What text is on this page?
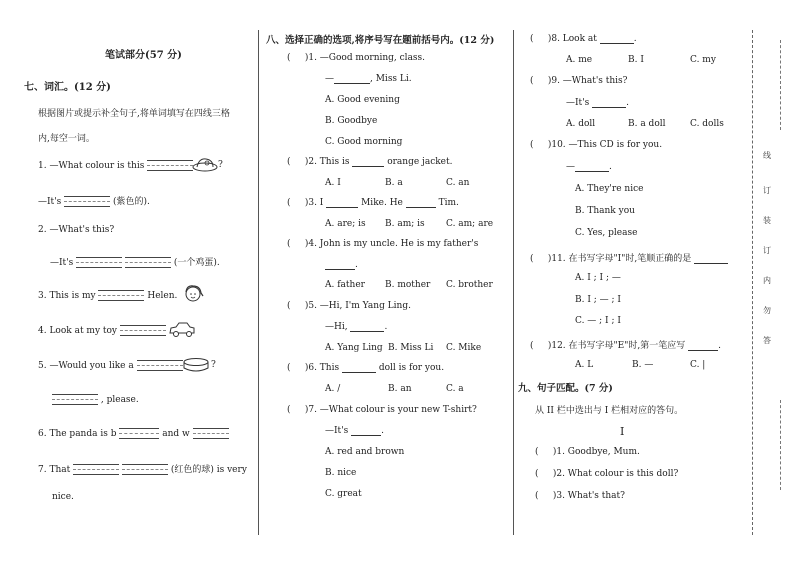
笔试部分(57 分)
七、词汇。(12 分)
根据图片或提示补全句子,将单词填写在四线三格
内,每空一词。
1. —What colour is this	?
—It's	(紫色的).
2. —What's this?
—It's	(一个鸡蛋).
3. This is my	Helen.
4. Look at my toy
5. —Would you like a	?
, please.
6. The panda is b	and w
7. That	(红色的球) is very
nice.
八、选择正确的选项,将序号写在题前括号内。(12 分)
(     )1. —Good morning, class.
—	, Miss Li.
A. Good evening
B. Goodbye
C. Good morning
(     )2. This is	orange jacket.
A. I	B. a	C. an
(     )3. I	Mike. He	Tim.
A. are; is B. am; is C. am; are
(     )4. John is my uncle. He is my father's
.
A. father B. mother C. brother
(     )5. —Hi, I'm Yang Ling.
—Hi,	.
A. Yang Ling B. Miss Li C. Mike
(     )6. This	doll is for you.
A. /	B. an	C. a
(     )7. —What colour is your new T-shirt?
—It's	.
A. red and brown
B. nice
C. great
(     )8. Look at	.
A. me	B. I	C. my
(     )9. —What's this?
—It's	.
A. doll	B. a doll	C. dolls
(     )10. —This CD is for you.
—	.
A. They're nice
B. Thank you
C. Yes, please
(     )11. 在书写字母"I"时,笔顺正确的是
A. I ; I ; —
B. I ; — ; I
C. — ; I ; I
(     )12. 在书写字母"E"时,第一笔应写	.
A. L	B. —	C. |
九、句子匹配。(7 分)
从 II 栏中选出与 I 栏相对应的答句。
I
(     )1. Goodbye, Mum.
(     )2. What colour is this doll?
(     )3. What's that?
线
订
装
订
内
勿
答
